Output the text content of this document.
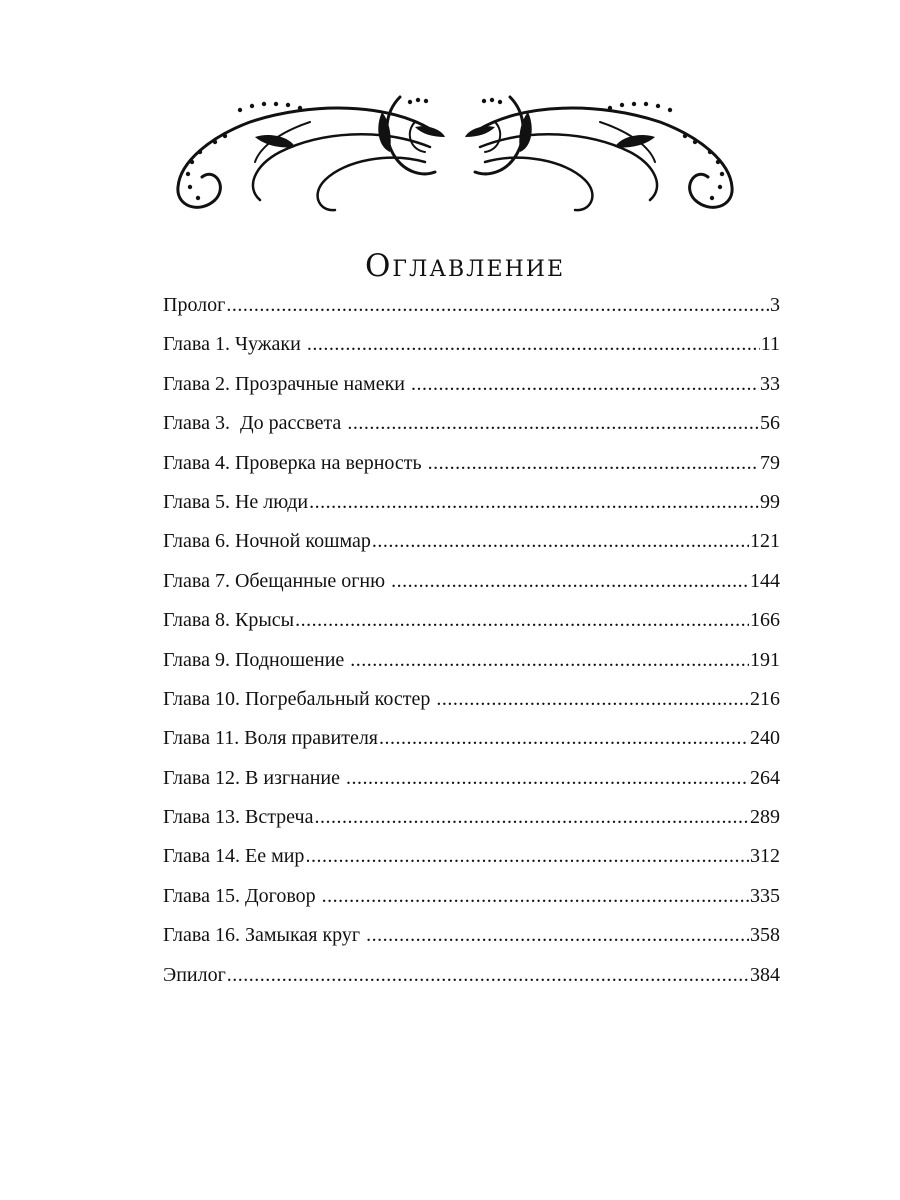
Оглавление
Пролог .....	3
Глава 1. Чужаки .....	11
Глава 2. Прозрачные намеки .....	33
Глава 3.  До рассвета .....	56
Глава 4. Проверка на верность .....	79
Глава 5. Не люди .....	99
Глава 6. Ночной кошмар .....	121
Глава 7. Обещанные огню .....	144
Глава 8. Крысы .....	166
Глава 9. Подношение .....	191
Глава 10. Погребальный костер .....	216
Глава 11. Воля правителя .....	240
Глава 12. В изгнание .....	264
Глава 13. Встреча .....	289
Глава 14. Ее мир .....	312
Глава 15. Договор .....	335
Глава 16. Замыкая круг .....	358
Эпилог .....	384
